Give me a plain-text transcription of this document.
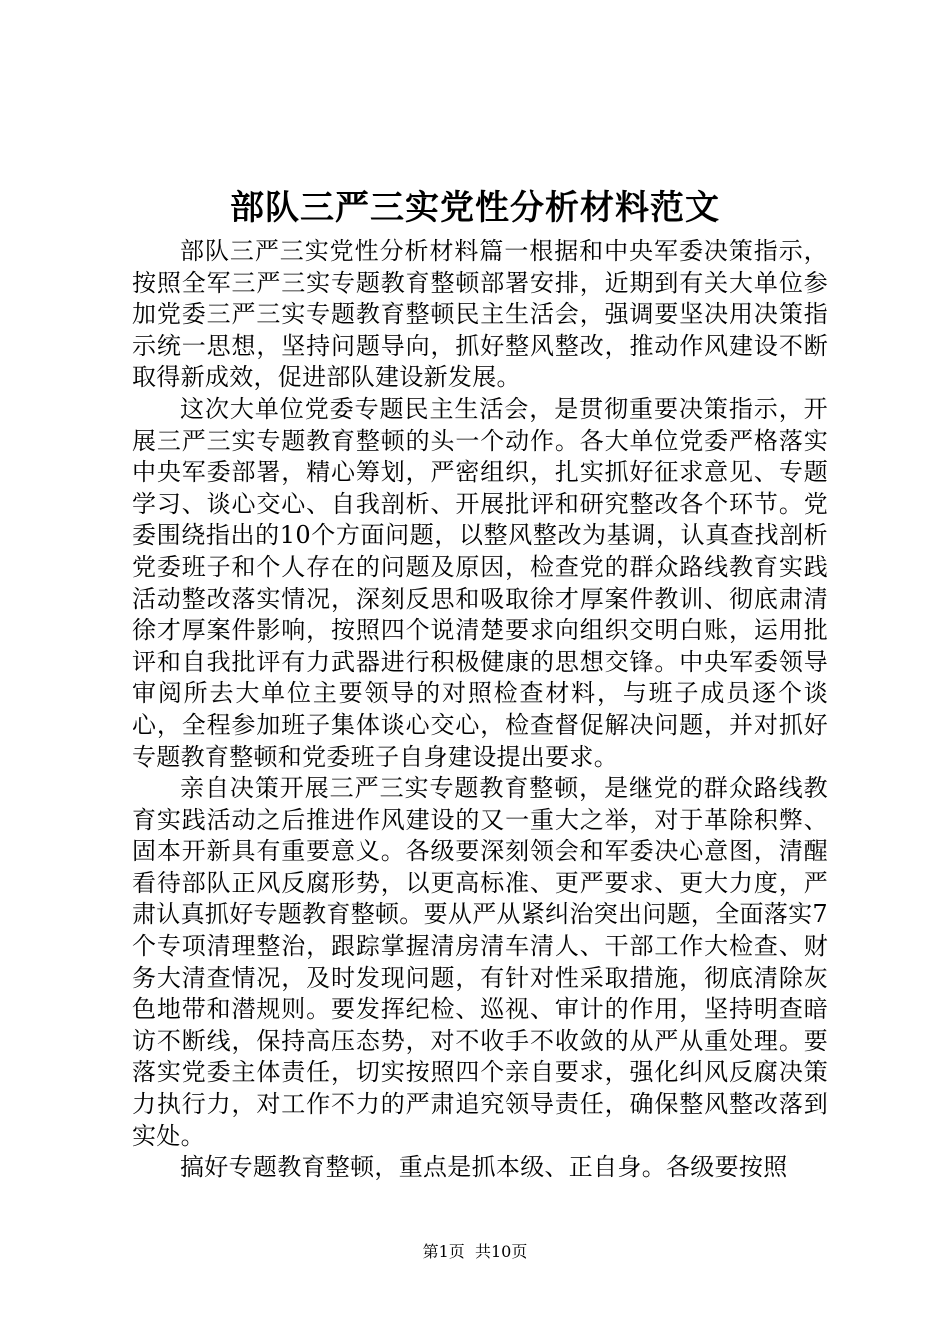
部队三严三实党性分析材料范文

部队三严三实党性分析材料篇一根据和中央军委决策指示，按照全军三严三实专题教育整顿部署安排，近期到有关大单位参加党委三严三实专题教育整顿民主生活会，强调要坚决用决策指示统一思想，坚持问题导向，抓好整风整改，推动作风建设不断取得新成效，促进部队建设新发展。

这次大单位党委专题民主生活会，是贯彻重要决策指示，开展三严三实专题教育整顿的头一个动作。各大单位党委严格落实中央军委部署，精心筹划，严密组织，扎实抓好征求意见、专题学习、谈心交心、自我剖析、开展批评和研究整改各个环节。党委围绕指出的10个方面问题，以整风整改为基调，认真查找剖析党委班子和个人存在的问题及原因，检查党的群众路线教育实践活动整改落实情况，深刻反思和吸取徐才厚案件教训、彻底肃清徐才厚案件影响，按照四个说清楚要求向组织交明白账，运用批评和自我批评有力武器进行积极健康的思想交锋。中央军委领导审阅所去大单位主要领导的对照检查材料，与班子成员逐个谈心，全程参加班子集体谈心交心，检查督促解决问题，并对抓好专题教育整顿和党委班子自身建设提出要求。

亲自决策开展三严三实专题教育整顿，是继党的群众路线教育实践活动之后推进作风建设的又一重大之举，对于革除积弊、固本开新具有重要意义。各级要深刻领会和军委决心意图，清醒看待部队正风反腐形势，以更高标准、更严要求、更大力度，严肃认真抓好专题教育整顿。要从严从紧纠治突出问题，全面落实7个专项清理整治，跟踪掌握清房清车清人、干部工作大检查、财务大清查情况，及时发现问题，有针对性采取措施，彻底清除灰色地带和潜规则。要发挥纪检、巡视、审计的作用，坚持明查暗访不断线，保持高压态势，对不收手不收敛的从严从重处理。要落实党委主体责任，切实按照四个亲自要求，强化纠风反腐决策力执行力，对工作不力的严肃追究领导责任，确保整风整改落到实处。

搞好专题教育整顿，重点是抓本级、正自身。各级要按照

第1页 共10页
